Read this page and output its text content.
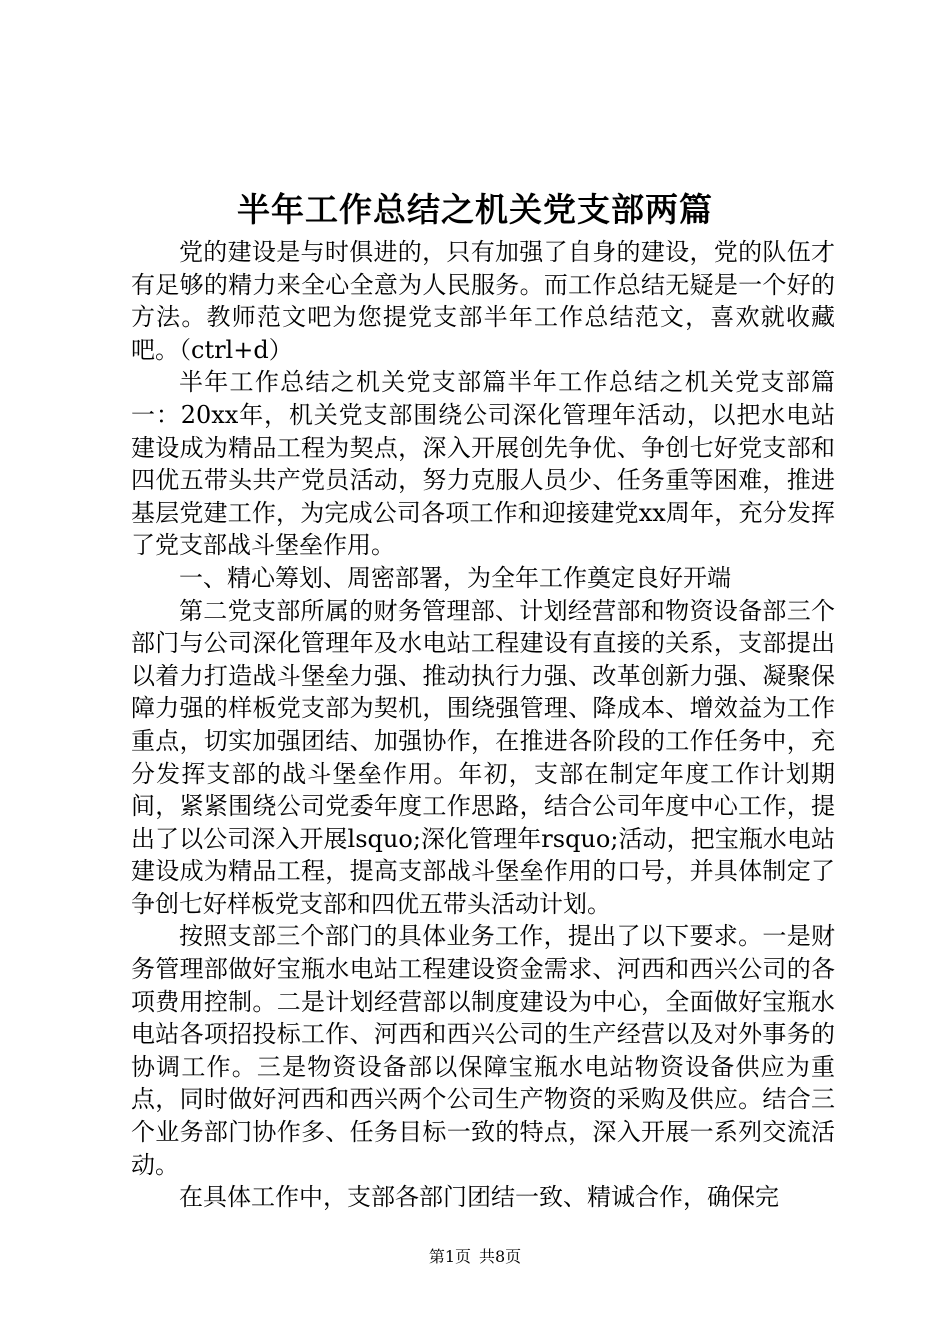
半年工作总结之机关党支部两篇

党的建设是与时俱进的，只有加强了自身的建设，党的队伍才有足够的精力来全心全意为人民服务。而工作总结无疑是一个好的方法。教师范文吧为您提党支部半年工作总结范文，喜欢就收藏吧。（ctrl+d）

半年工作总结之机关党支部篇半年工作总结之机关党支部篇一：20xx年，机关党支部围绕公司深化管理年活动，以把水电站建设成为精品工程为契点，深入开展创先争优、争创七好党支部和四优五带头共产党员活动，努力克服人员少、任务重等困难，推进基层党建工作，为完成公司各项工作和迎接建党xx周年，充分发挥了党支部战斗堡垒作用。

一、精心筹划、周密部署，为全年工作奠定良好开端

第二党支部所属的财务管理部、计划经营部和物资设备部三个部门与公司深化管理年及水电站工程建设有直接的关系，支部提出以着力打造战斗堡垒力强、推动执行力强、改革创新力强、凝聚保障力强的样板党支部为契机，围绕强管理、降成本、增效益为工作重点，切实加强团结、加强协作，在推进各阶段的工作任务中，充分发挥支部的战斗堡垒作用。年初，支部在制定年度工作计划期间，紧紧围绕公司党委年度工作思路，结合公司年度中心工作，提出了以公司深入开展lsquo;深化管理年rsquo;活动，把宝瓶水电站建设成为精品工程，提高支部战斗堡垒作用的口号，并具体制定了争创七好样板党支部和四优五带头活动计划。

按照支部三个部门的具体业务工作，提出了以下要求。一是财务管理部做好宝瓶水电站工程建设资金需求、河西和西兴公司的各项费用控制。二是计划经营部以制度建设为中心，全面做好宝瓶水电站各项招投标工作、河西和西兴公司的生产经营以及对外事务的协调工作。三是物资设备部以保障宝瓶水电站物资设备供应为重点，同时做好河西和西兴两个公司生产物资的采购及供应。结合三个业务部门协作多、任务目标一致的特点，深入开展一系列交流活动。

在具体工作中，支部各部门团结一致、精诚合作，确保完

第1页 共8页
